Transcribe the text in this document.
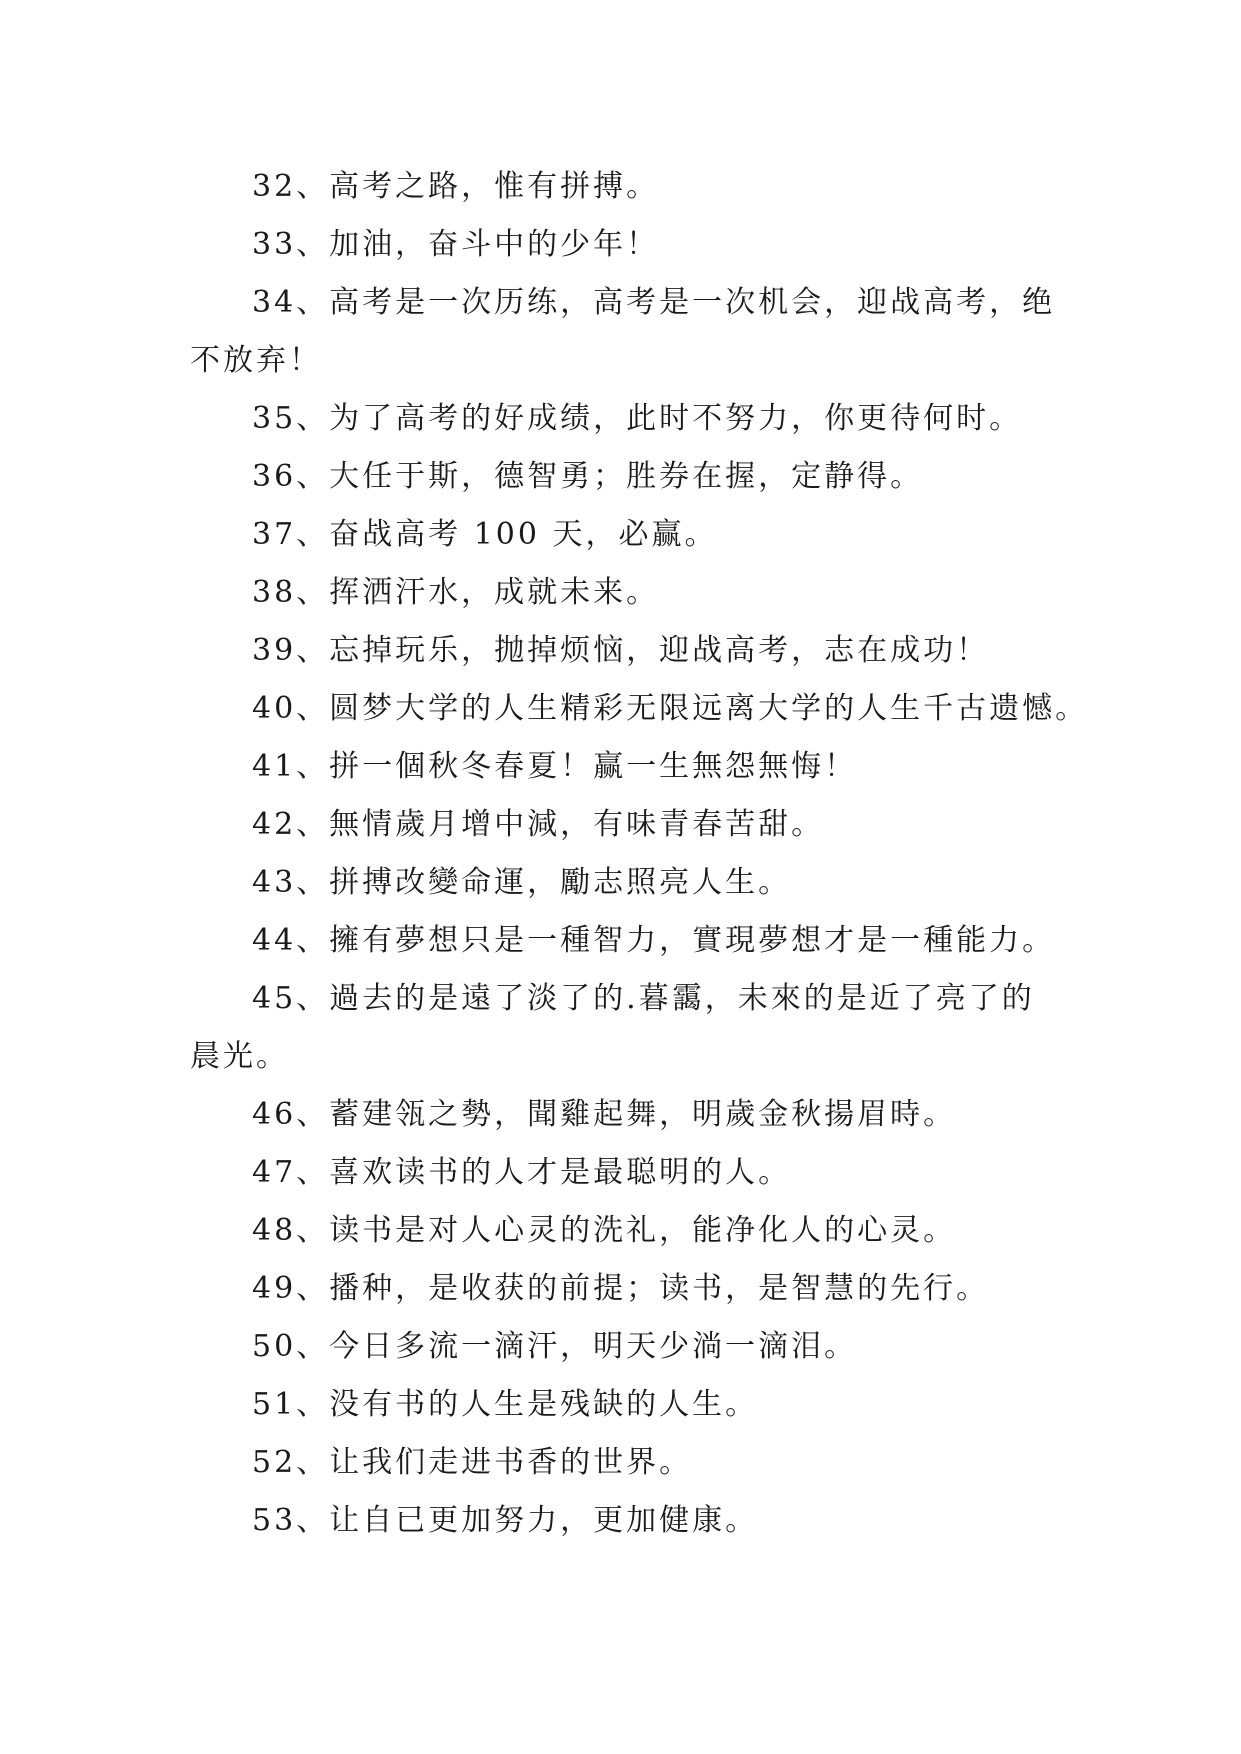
32、高考之路，惟有拼搏。
33、加油，奋斗中的少年！
34、高考是一次历练，高考是一次机会，迎战高考，绝
不放弃！
35、为了高考的好成绩，此时不努力，你更待何时。
36、大任于斯，德智勇；胜券在握，定静得。
37、奋战高考 100 天，必赢。
38、挥洒汗水，成就未来。
39、忘掉玩乐，抛掉烦恼，迎战高考，志在成功！
40、圆梦大学的人生精彩无限远离大学的人生千古遗憾。
41、拼一個秋冬春夏！赢一生無怨無悔！
42、無情歲月增中減，有味青春苦甜。
43、拼搏改變命運，勵志照亮人生。
44、擁有夢想只是一種智力，實現夢想才是一種能力。
45、過去的是遠了淡了的.暮靄，未來的是近了亮了的
晨光。
46、蓄建瓴之勢，聞雞起舞，明歲金秋揚眉時。
47、喜欢读书的人才是最聪明的人。
48、读书是对人心灵的洗礼，能净化人的心灵。
49、播种，是收获的前提；读书，是智慧的先行。
50、今日多流一滴汗，明天少淌一滴泪。
51、没有书的人生是残缺的人生。
52、让我们走进书香的世界。
53、让自已更加努力，更加健康。
